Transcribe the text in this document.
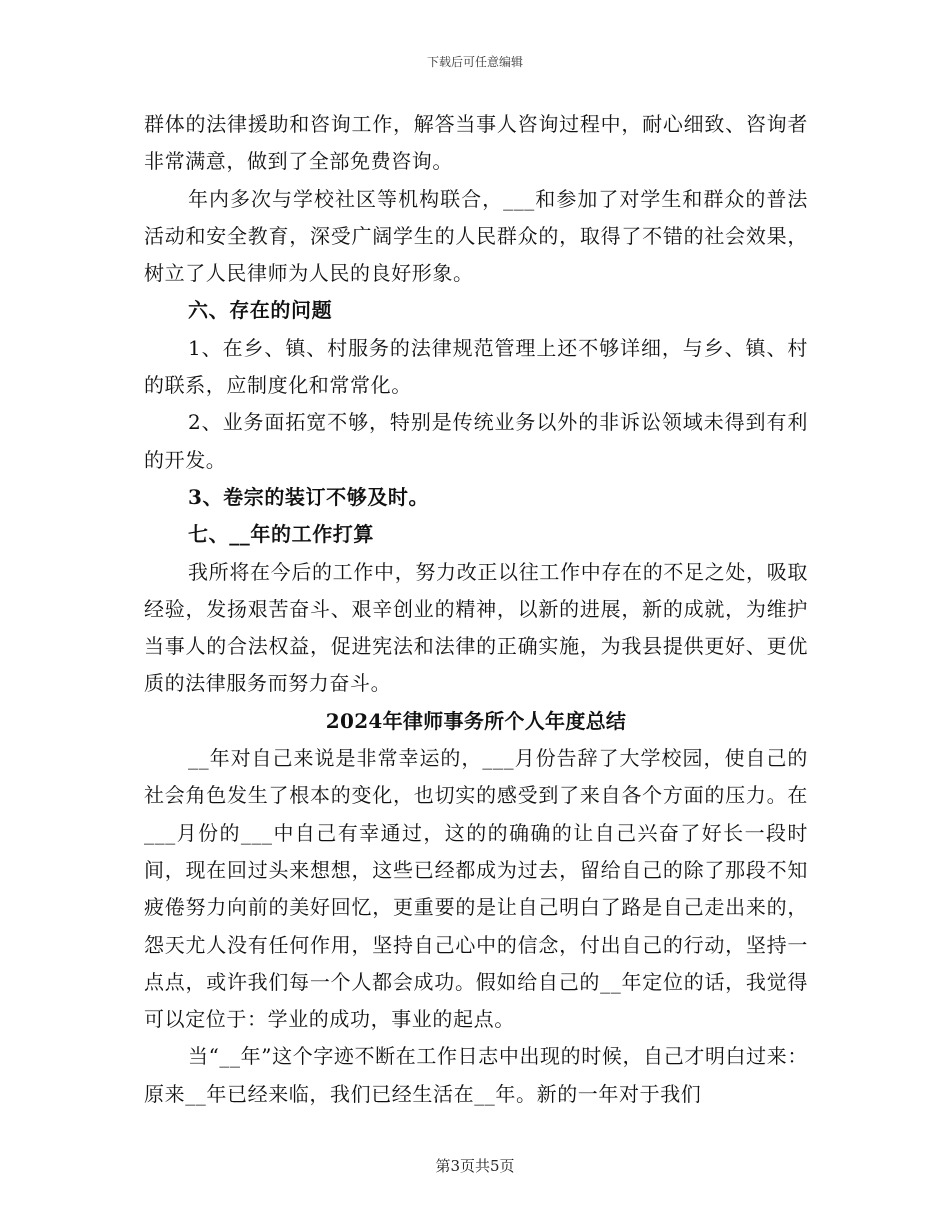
下载后可任意编辑

群体的法律援助和咨询工作，解答当事人咨询过程中，耐心细致、咨询者非常满意，做到了全部免费咨询。

年内多次与学校社区等机构联合，___和参加了对学生和群众的普法活动和安全教育，深受广阔学生的人民群众的，取得了不错的社会效果，树立了人民律师为人民的良好形象。

六、存在的问题

1、在乡、镇、村服务的法律规范管理上还不够详细，与乡、镇、村的联系，应制度化和常常化。

2、业务面拓宽不够，特别是传统业务以外的非诉讼领域未得到有利的开发。

3、卷宗的装订不够及时。

七、__年的工作打算

我所将在今后的工作中，努力改正以往工作中存在的不足之处，吸取经验，发扬艰苦奋斗、艰辛创业的精神，以新的进展，新的成就，为维护当事人的合法权益，促进宪法和法律的正确实施，为我县提供更好、更优质的法律服务而努力奋斗。

2024年律师事务所个人年度总结

__年对自己来说是非常幸运的，___月份告辞了大学校园，使自己的社会角色发生了根本的变化，也切实的感受到了来自各个方面的压力。在___月份的___中自己有幸通过，这的的确确的让自己兴奋了好长一段时间，现在回过头来想想，这些已经都成为过去，留给自己的除了那段不知疲倦努力向前的美好回忆，更重要的是让自己明白了路是自己走出来的，怨天尤人没有任何作用，坚持自己心中的信念，付出自己的行动，坚持一点点，或许我们每一个人都会成功。假如给自己的__年定位的话，我觉得可以定位于：学业的成功，事业的起点。

当“__年”这个字迹不断在工作日志中出现的时候，自己才明白过来：原来__年已经来临，我们已经生活在__年。新的一年对于我们

第3页共5页
